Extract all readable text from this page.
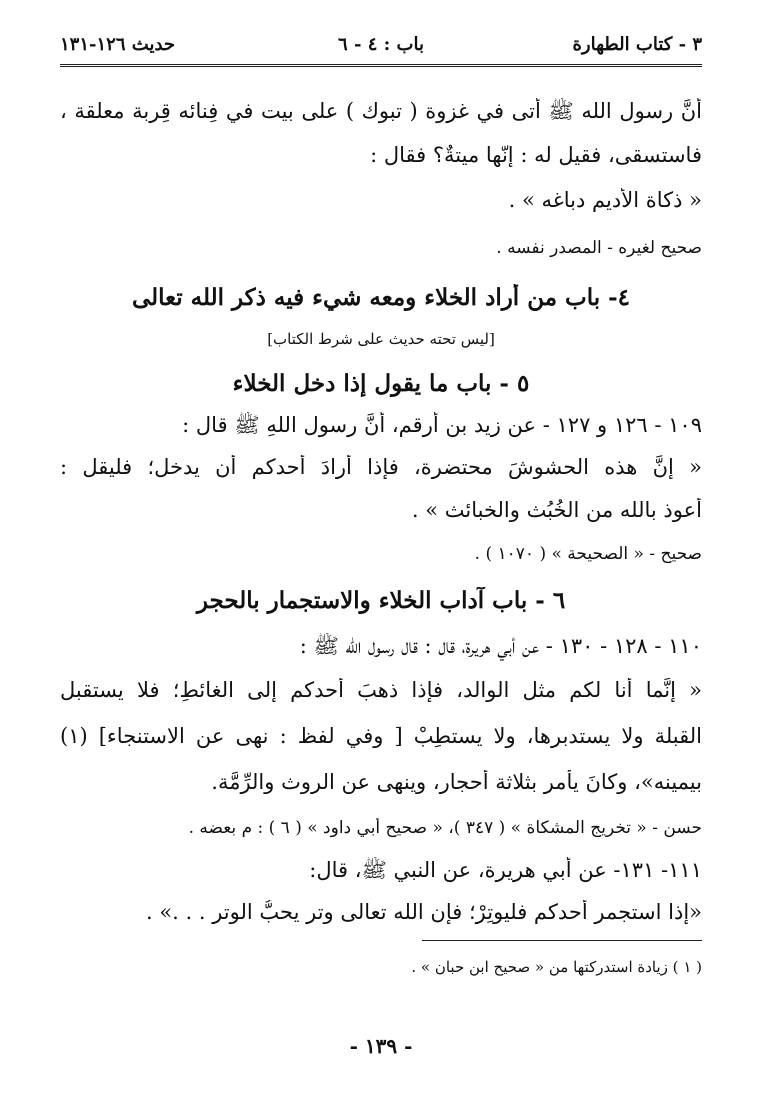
٣ - كتاب الطهارة
باب : ٤ - ٦
حديث ١٢٦-١٣١
أنَّ رسول الله ﷺ أتى في غزوة ( تبوك ) على بيت في فِنائه قِربة معلقة ،
فاستسقى، فقيل له : إنّها ميتةٌ؟ فقال :
« ذكاة الأديم دباغه » .
صحيح لغيره - المصدر نفسه .
٤- باب من أراد الخلاء ومعه شيء فيه ذكر الله تعالى
[ليس تحته حديث على شرط الكتاب]
٥ - باب ما يقول إذا دخل الخلاء
١٠٩ - ١٢٦ و ١٢٧ - عن زيد بن أرقم، أنَّ رسول اللهِ ﷺ قال :
« إنَّ هذه الحشوشَ محتضرة، فإذا أرادَ أحدكم أن يدخل؛ فليقل :
أعوذ بالله من الخُبُث والخبائث » .
صحيح - « الصحيحة » ( ١٠٧٠ ) .
٦ - باب آداب الخلاء والاستجمار بالحجر
١١٠ - ١٢٨ - ١٣٠ - عن أبي هريرة، قال : قال رسول الله ﷺ :
« إنَّما أنا لكم مثل الوالد، فإذا ذهبَ أحدكم إلى الغائطِ؛ فلا يستقبل
القبلة ولا يستدبرها، ولا يستطِبْ [ وفي لفظ : نهى عن الاستنجاء] (١)
بيمينه»، وكانَ يأمر بثلاثة أحجار، وينهى عن الروث والرِّمَّة.
حسن - « تخريج المشكاة » ( ٣٤٧ )، « صحيح أبي داود » ( ٦ ) : م بعضه .
١١١- ١٣١- عن أبي هريرة، عن النبي ﷺ، قال:
«إذا استجمر أحدكم فليوتِرْ؛ فإن الله تعالى وتر يحبُّ الوتر . . .» .
( ١ ) زيادة استدركتها من « صحيح ابن حبان » .
- ١٣٩ -
